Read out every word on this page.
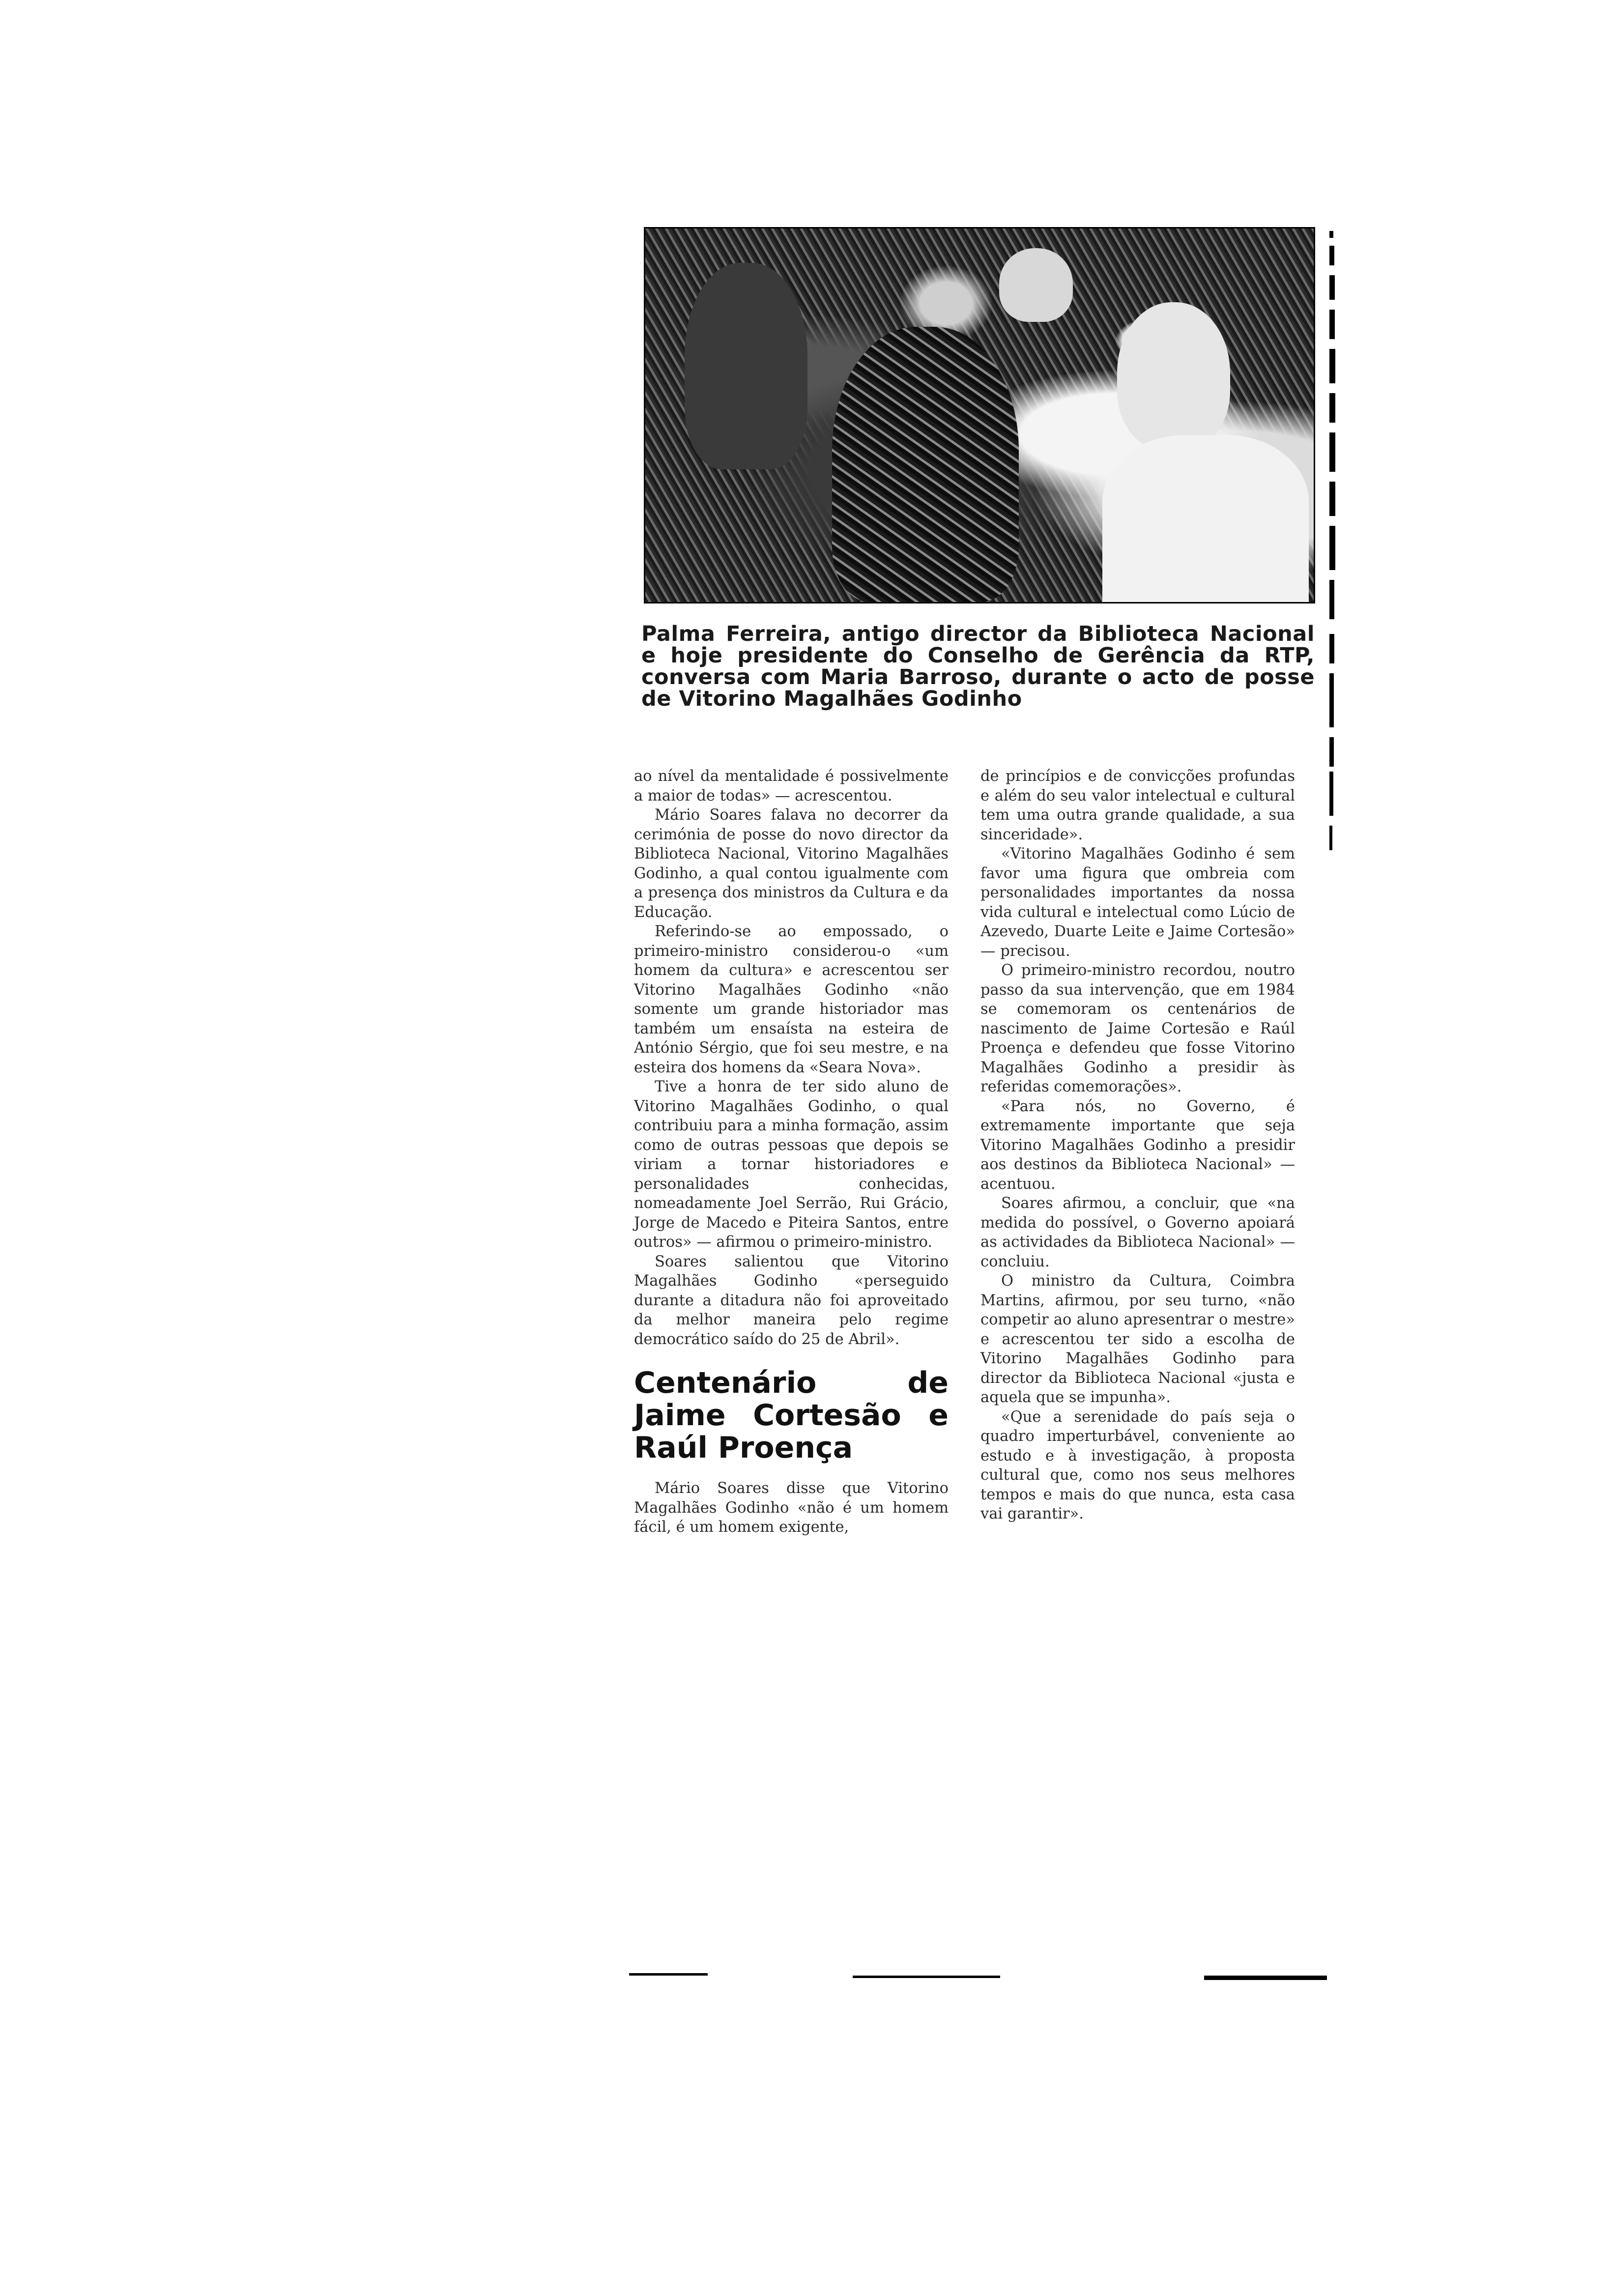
Palma Ferreira, antigo director da Biblioteca Nacional e hoje presidente do Conselho de Gerência da RTP, conversa com Maria Barroso, durante o acto de posse de Vitorino Magalhães Godinho

ao nível da mentalidade é possivelmente a maior de todas» — acrescentou.

Mário Soares falava no decorrer da cerimónia de posse do novo director da Biblioteca Nacional, Vitorino Magalhães Godinho, a qual contou igualmente com a presença dos ministros da Cultura e da Educação.

Referindo-se ao empossado, o primeiro-ministro considerou-o «um homem da cultura» e acrescentou ser Vitorino Magalhães Godinho «não somente um grande historiador mas também um ensaísta na esteira de António Sérgio, que foi seu mestre, e na esteira dos homens da «Seara Nova».

Tive a honra de ter sido aluno de Vitorino Magalhães Godinho, o qual contribuiu para a minha formação, assim como de outras pessoas que depois se viriam a tornar historiadores e personalidades conhecidas, nomeadamente Joel Serrão, Rui Grácio, Jorge de Macedo e Piteira Santos, entre outros» — afirmou o primeiro-ministro.

Soares salientou que Vitorino Magalhães Godinho «perseguido durante a ditadura não foi aproveitado da melhor maneira pelo regime democrático saído do 25 de Abril».

Centenário de Jaime Cortesão e Raúl Proença

Mário Soares disse que Vitorino Magalhães Godinho «não é um homem fácil, é um homem exigente,

de princípios e de convicções profundas e além do seu valor intelectual e cultural tem uma outra grande qualidade, a sua sinceridade».

«Vitorino Magalhães Godinho é sem favor uma figura que ombreia com personalidades importantes da nossa vida cultural e intelectual como Lúcio de Azevedo, Duarte Leite e Jaime Cortesão» — precisou.

O primeiro-ministro recordou, noutro passo da sua intervenção, que em 1984 se comemoram os centenários de nascimento de Jaime Cortesão e Raúl Proença e defendeu que fosse Vitorino Magalhães Godinho a presidir às referidas comemorações».

«Para nós, no Governo, é extremamente importante que seja Vitorino Magalhães Godinho a presidir aos destinos da Biblioteca Nacional» — acentuou.

Soares afirmou, a concluir, que «na medida do possível, o Governo apoiará as actividades da Biblioteca Nacional» — concluiu.

O ministro da Cultura, Coimbra Martins, afirmou, por seu turno, «não competir ao aluno apresentrar o mestre» e acrescentou ter sido a escolha de Vitorino Magalhães Godinho para director da Biblioteca Nacional «justa e aquela que se impunha».

«Que a serenidade do país seja o quadro imperturbável, conveniente ao estudo e à investigação, à proposta cultural que, como nos seus melhores tempos e mais do que nunca, esta casa vai garantir».
